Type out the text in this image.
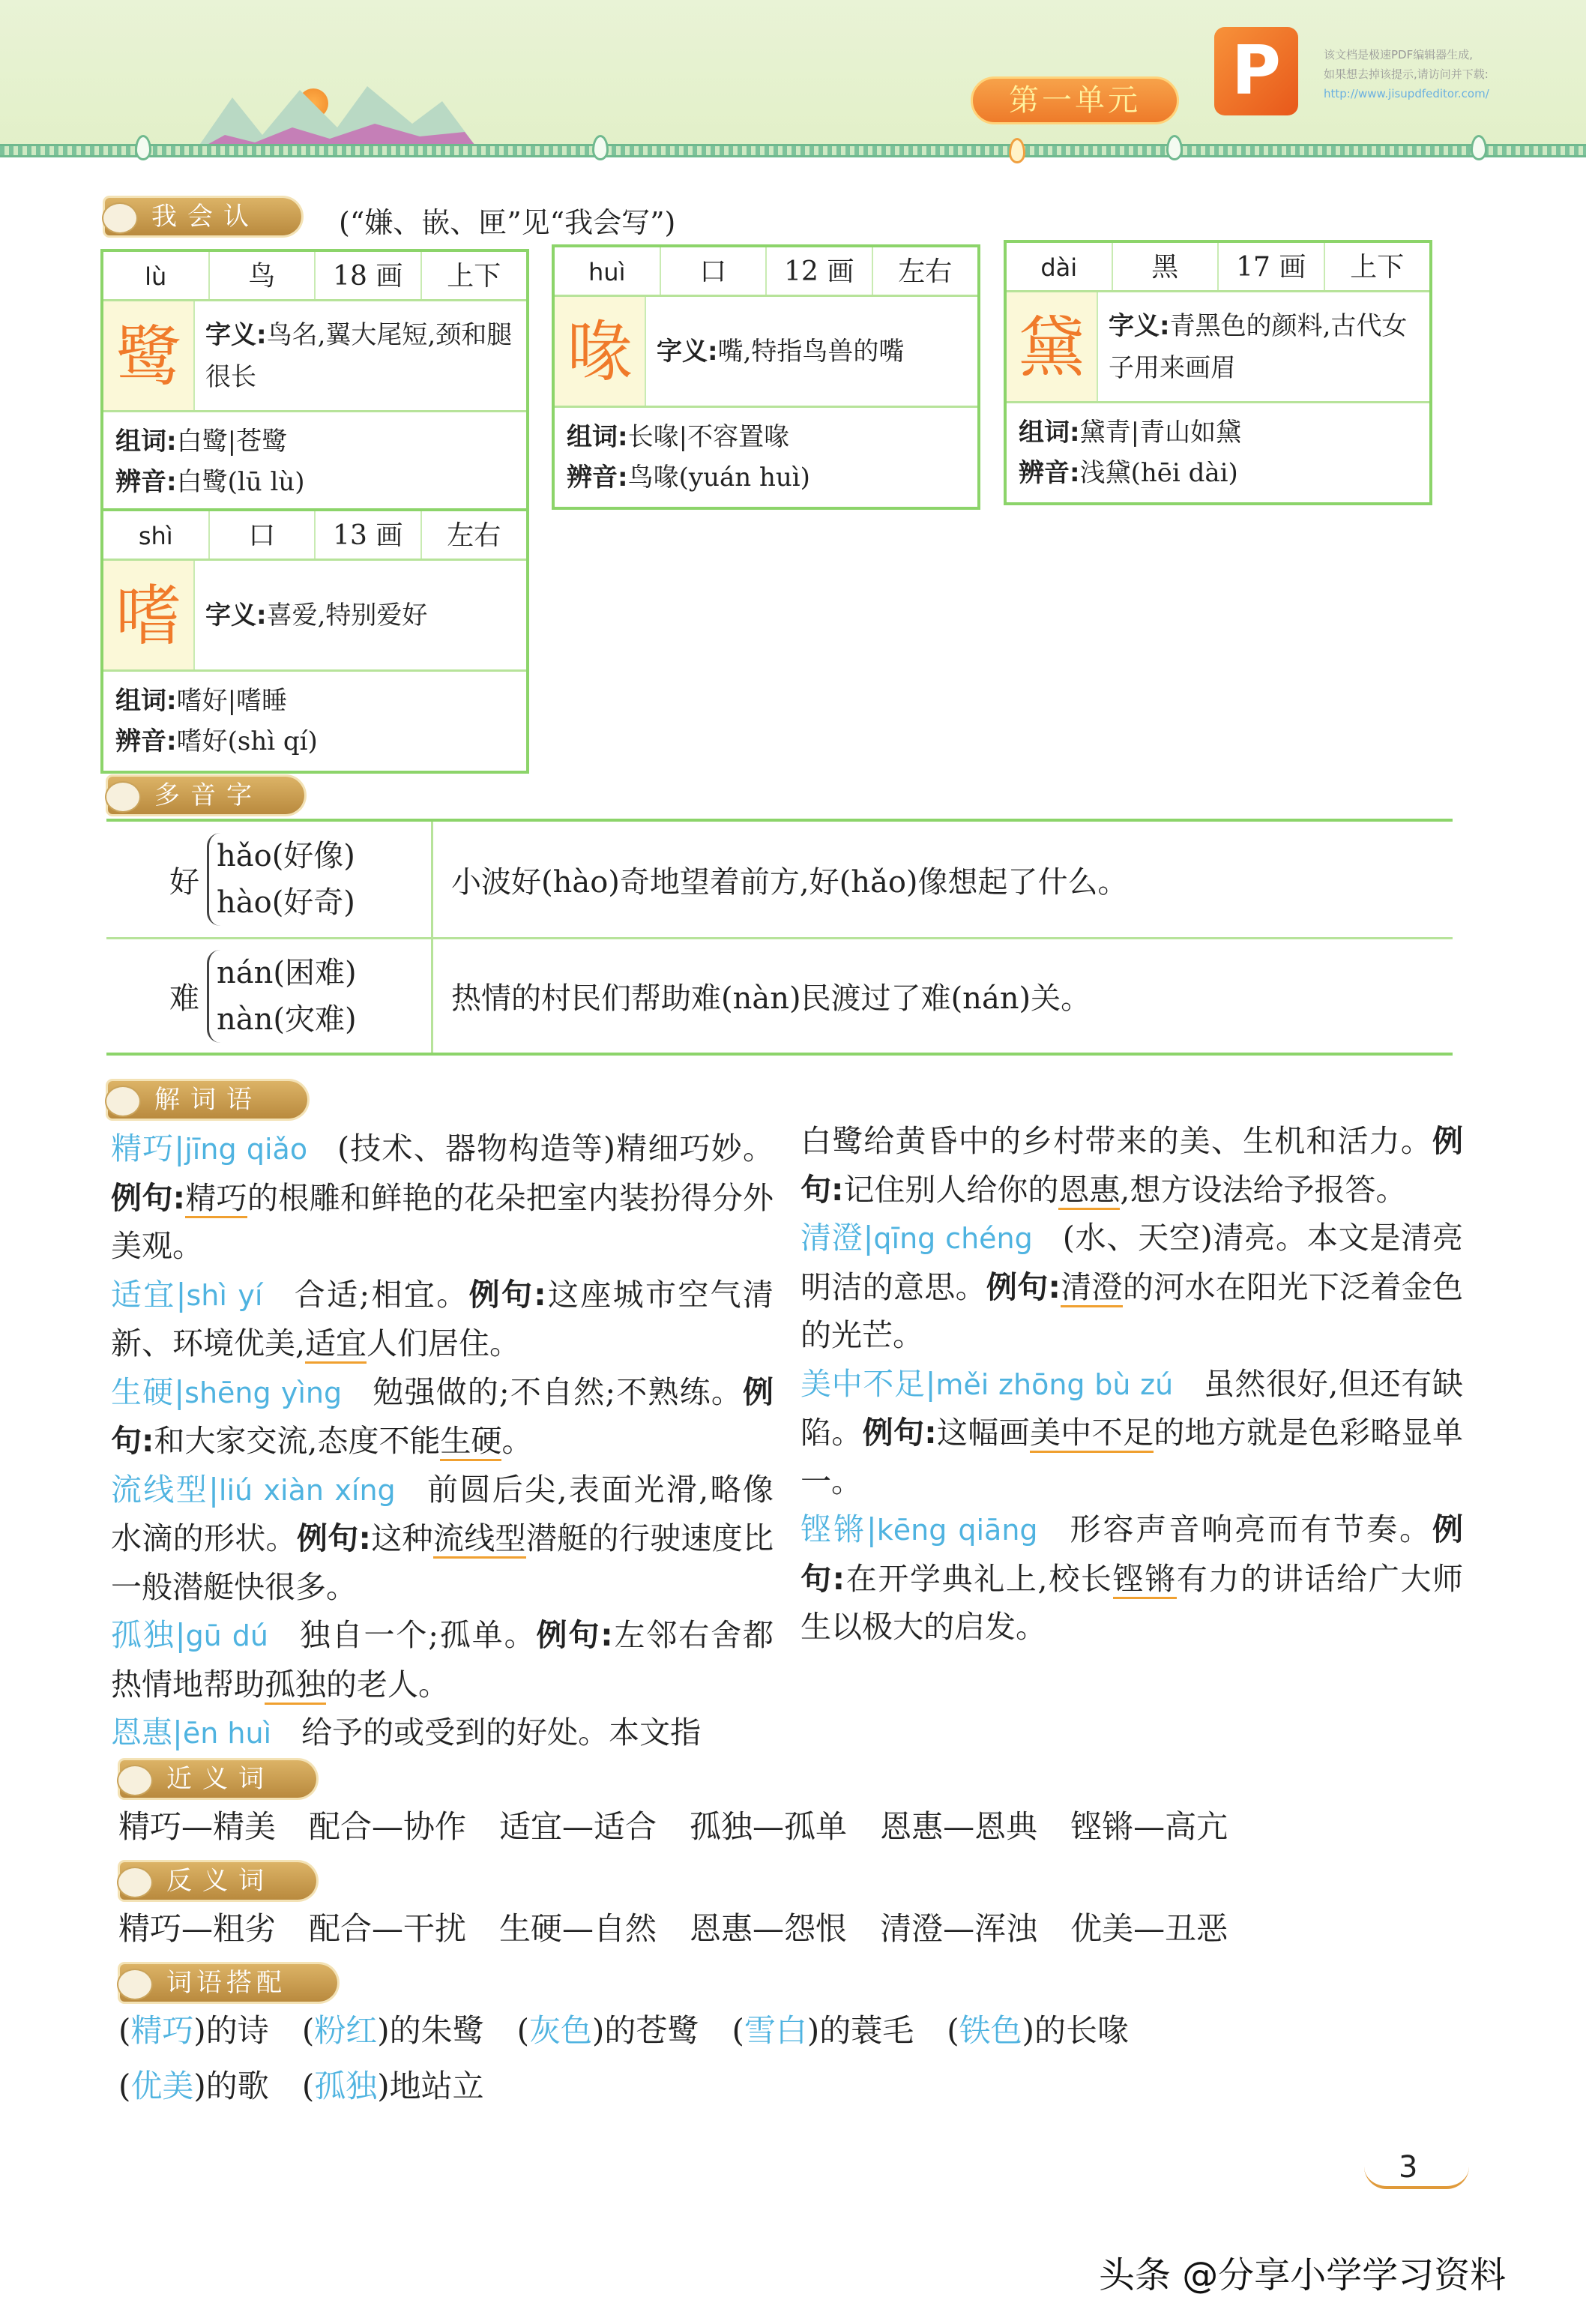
第一单元	P	该文档是极速PDF编辑器生成,
如果想去掉该提示,请访问并下载:
http://www.jisupdfeditor.com/
我会认	(“嫌、嵌、匣”见“我会写”)
lù	鸟	18 画	上下
鹭 字义:鸟名,翼大尾短,颈和腿很长
组词:白鹭|苍鹭
辨音:白鹭(lū lù)
huì	口	12 画	左右
喙 字义:嘴,特指鸟兽的嘴
组词:长喙|不容置喙
辨音:鸟喙(yuán huì)
dài	黑	17 画	上下
黛 字义:青黑色的颜料,古代女子用来画眉
组词:黛青|青山如黛
辨音:浅黛(hēi dài)
shì	口	13 画	左右
嗜 字义:喜爱,特别爱好
组词:嗜好|嗜睡
辨音:嗜好(shì qí)
多音字
好
hǎo(好像)
hào(好奇)
小波好(hào)奇地望着前方,好(hǎo)像想起了什么。
难
nán(困难)
nàn(灾难)
热情的村民们帮助难(nàn)民渡过了难(nán)关。
解词语
精巧|jīng qiǎo (技术、器物构造等)精细巧妙。例句:精巧的根雕和鲜艳的花朵把室内装扮得分外美观。
适宜|shì yí 合适;相宜。例句:这座城市空气清新、环境优美,适宜人们居住。
生硬|shēng yìng 勉强做的;不自然;不熟练。例句:和大家交流,态度不能生硬。
流线型|liú xiàn xíng 前圆后尖,表面光滑,略像水滴的形状。例句:这种流线型潜艇的行驶速度比一般潜艇快很多。
孤独|gū dú 独自一个;孤单。例句:左邻右舍都热情地帮助孤独的老人。
恩惠|ēn huì 给予的或受到的好处。本文指
白鹭给黄昏中的乡村带来的美、生机和活力。例句:记住别人给你的恩惠,想方设法给予报答。
清澄|qīng chéng (水、天空)清亮。本文是清亮明洁的意思。例句:清澄的河水在阳光下泛着金色的光芒。
美中不足|měi zhōng bù zú 虽然很好,但还有缺陷。例句:这幅画美中不足的地方就是色彩略显单一。
铿锵|kēng qiāng 形容声音响亮而有节奏。例句:在开学典礼上,校长铿锵有力的讲话给广大师生以极大的启发。
近义词
精巧—精美 配合—协作 适宜—适合 孤独—孤单 恩惠—恩典 铿锵—高亢
反义词
精巧—粗劣 配合—干扰 生硬—自然 恩惠—怨恨 清澄—浑浊 优美—丑恶
词语搭配
(精巧)的诗 (粉红)的朱鹭 (灰色)的苍鹭 (雪白)的蓑毛 (铁色)的长喙
(优美)的歌 (孤独)地站立
3
头条 @分享小学学习资料
